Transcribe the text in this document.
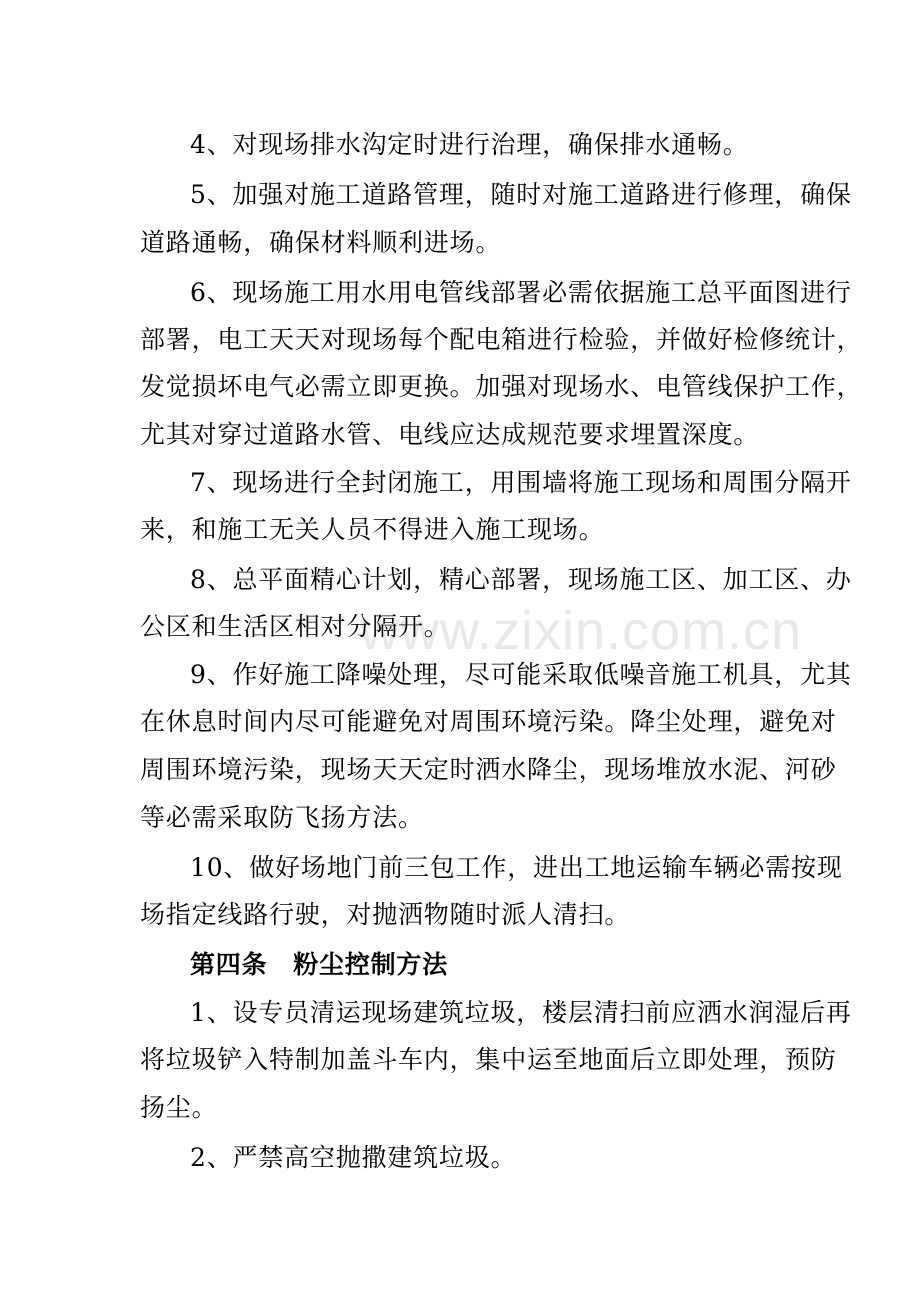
www.zixin.com.cn
4、对现场排水沟定时进行治理，确保排水通畅。
5、加强对施工道路管理，随时对施工道路进行修理，确保
道路通畅，确保材料顺利进场。
6、现场施工用水用电管线部署必需依据施工总平面图进行
部署，电工天天对现场每个配电箱进行检验，并做好检修统计，
发觉损坏电气必需立即更换。加强对现场水、电管线保护工作，
尤其对穿过道路水管、电线应达成规范要求埋置深度。
7、现场进行全封闭施工，用围墙将施工现场和周围分隔开
来，和施工无关人员不得进入施工现场。
8、总平面精心计划，精心部署，现场施工区、加工区、办
公区和生活区相对分隔开。
9、作好施工降噪处理，尽可能采取低噪音施工机具，尤其
在休息时间内尽可能避免对周围环境污染。降尘处理，避免对
周围环境污染，现场天天定时洒水降尘，现场堆放水泥、河砂
等必需采取防飞扬方法。
10、做好场地门前三包工作，进出工地运输车辆必需按现
场指定线路行驶，对抛洒物随时派人清扫。
第四条　粉尘控制方法
1、设专员清运现场建筑垃圾，楼层清扫前应洒水润湿后再
将垃圾铲入特制加盖斗车内，集中运至地面后立即处理，预防
扬尘。
2、严禁高空抛撒建筑垃圾。
